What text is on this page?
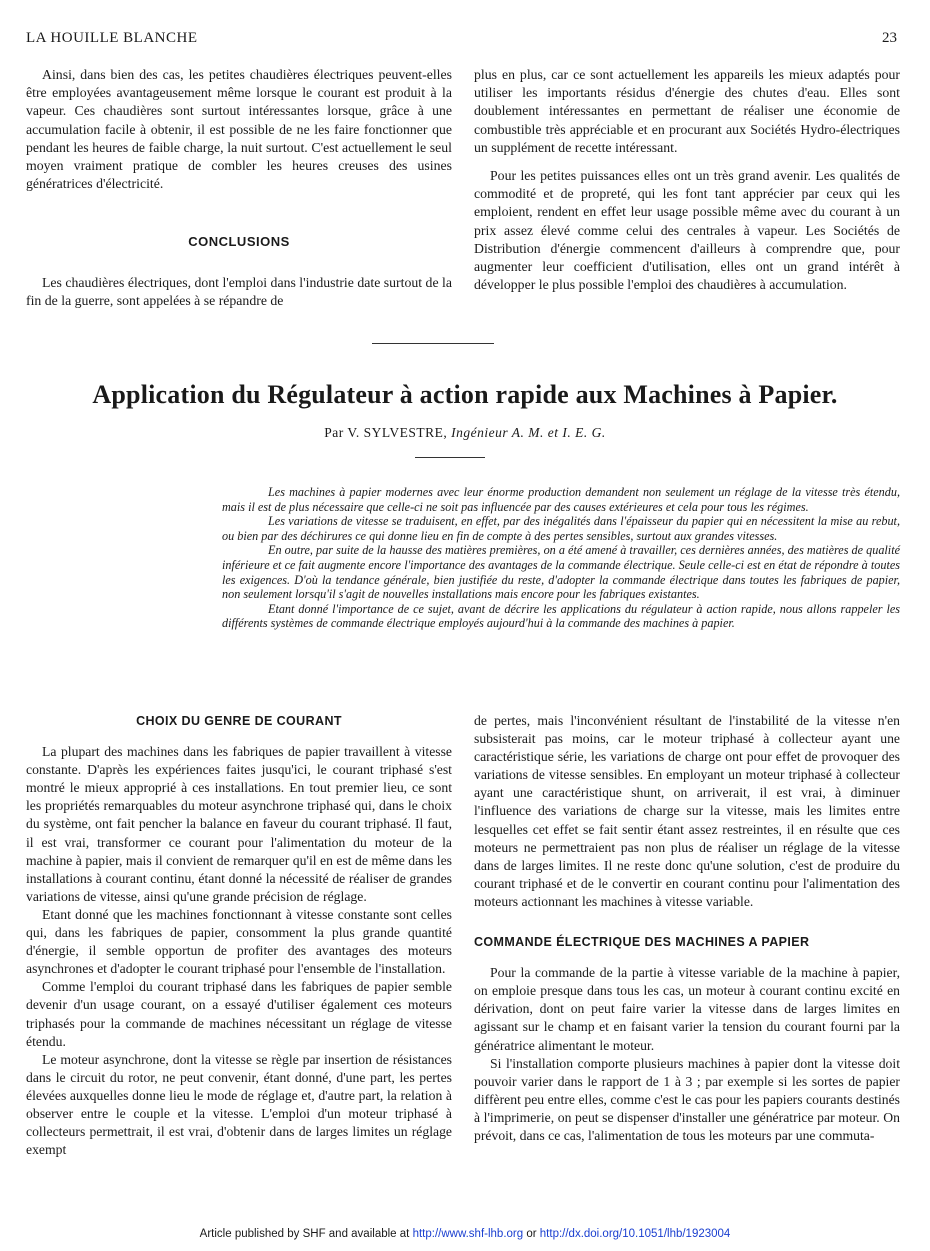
LA HOUILLE BLANCHE	23

Ainsi, dans bien des cas, les petites chaudières électriques peuvent-elles être employées avantageusement même lorsque le courant est produit à la vapeur. Ces chaudières sont surtout intéressantes lorsque, grâce à une accumulation facile à obtenir, il est possible de ne les faire fonctionner que pendant les heures de faible charge, la nuit surtout. C'est actuellement le seul moyen vraiment pratique de combler les heures creuses des usines génératrices d'électricité.

CONCLUSIONS

Les chaudières électriques, dont l'emploi dans l'industrie date surtout de la fin de la guerre, sont appelées à se répandre de

plus en plus, car ce sont actuellement les appareils les mieux adaptés pour utiliser les importants résidus d'énergie des chutes d'eau. Elles sont doublement intéressantes en permettant de réaliser une économie de combustible très appréciable et en procurant aux Sociétés Hydro-électriques un supplément de recette intéressant.

Pour les petites puissances elles ont un très grand avenir. Les qualités de commodité et de propreté, qui les font tant apprécier par ceux qui les emploient, rendent en effet leur usage possible même avec du courant à un prix assez élevé comme celui des centrales à vapeur. Les Sociétés de Distribution d'énergie commencent d'ailleurs à comprendre que, pour augmenter leur coefficient d'utilisation, elles ont un grand intérêt à développer le plus possible l'emploi des chaudières à accumulation.

Application du Régulateur à action rapide aux Machines à Papier.
Par V. SYLVESTRE, Ingénieur A. M. et I. E. G.

Les machines à papier modernes avec leur énorme production demandent non seulement un réglage de la vitesse très étendu, mais il est de plus nécessaire que celle-ci ne soit pas influencée par des causes extérieures et cela pour tous les régimes.

Les variations de vitesse se traduisent, en effet, par des inégalités dans l'épaisseur du papier qui en nécessitent la mise au rebut, ou bien par des déchirures ce qui donne lieu en fin de compte à des pertes sensibles, surtout aux grandes vitesses.

En outre, par suite de la hausse des matières premières, on a été amené à travailler, ces dernières années, des matières de qualité inférieure et ce fait augmente encore l'importance des avantages de la commande électrique. Seule celle-ci est en état de répondre à toutes les exigences. D'où la tendance générale, bien justifiée du reste, d'adopter la commande électrique dans toutes les fabriques de papier, non seulement lorsqu'il s'agit de nouvelles installations mais encore pour les fabriques existantes.

Etant donné l'importance de ce sujet, avant de décrire les applications du régulateur à action rapide, nous allons rappeler les différents systèmes de commande électrique employés aujourd'hui à la commande des machines à papier.

CHOIX DU GENRE DE COURANT

La plupart des machines dans les fabriques de papier travaillent à vitesse constante. D'après les expériences faites jusqu'ici, le courant triphasé s'est montré le mieux approprié à ces installations. En tout premier lieu, ce sont les propriétés remarquables du moteur asynchrone triphasé qui, dans le choix du système, ont fait pencher la balance en faveur du courant triphasé. Il faut, il est vrai, transformer ce courant pour l'alimentation du moteur de la machine à papier, mais il convient de remarquer qu'il en est de même dans les installations à courant continu, étant donné la nécessité de réaliser de grandes variations de vitesse, ainsi qu'une grande précision de réglage.

Etant donné que les machines fonctionnant à vitesse constante sont celles qui, dans les fabriques de papier, consomment la plus grande quantité d'énergie, il semble opportun de profiter des avantages des moteurs asynchrones et d'adopter le courant triphasé pour l'ensemble de l'installation.

Comme l'emploi du courant triphasé dans les fabriques de papier semble devenir d'un usage courant, on a essayé d'utiliser également ces moteurs triphasés pour la commande de machines nécessitant un réglage de vitesse étendu.

Le moteur asynchrone, dont la vitesse se règle par insertion de résistances dans le circuit du rotor, ne peut convenir, étant donné, d'une part, les pertes élevées auxquelles donne lieu le mode de réglage et, d'autre part, la relation à observer entre le couple et la vitesse. L'emploi d'un moteur triphasé à collecteurs permettrait, il est vrai, d'obtenir dans de larges limites un réglage exempt

de pertes, mais l'inconvénient résultant de l'instabilité de la vitesse n'en subsisterait pas moins, car le moteur triphasé à collecteur ayant une caractéristique série, les variations de charge ont pour effet de provoquer des variations de vitesse sensibles. En employant un moteur triphasé à collecteur ayant une caractéristique shunt, on arriverait, il est vrai, à diminuer l'influence des variations de charge sur la vitesse, mais les limites entre lesquelles cet effet se fait sentir étant assez restreintes, il en résulte que ces moteurs ne permettraient pas non plus de réaliser un réglage de la vitesse dans de larges limites. Il ne reste donc qu'une solution, c'est de produire du courant triphasé et de le convertir en courant continu pour l'alimentation des moteurs actionnant les machines à vitesse variable.

COMMANDE ÉLECTRIQUE DES MACHINES A PAPIER

Pour la commande de la partie à vitesse variable de la machine à papier, on emploie presque dans tous les cas, un moteur à courant continu excité en dérivation, dont on peut faire varier la vitesse dans de larges limites en agissant sur le champ et en faisant varier la tension du courant fourni par la génératrice alimentant le moteur.

Si l'installation comporte plusieurs machines à papier dont la vitesse doit pouvoir varier dans le rapport de 1 à 3 ; par exemple si les sortes de papier diffèrent peu entre elles, comme c'est le cas pour les papiers courants destinés à l'imprimerie, on peut se dispenser d'installer une génératrice par moteur. On prévoit, dans ce cas, l'alimentation de tous les moteurs par une commuta-

Article published by SHF and available at http://www.shf-lhb.org or http://dx.doi.org/10.1051/lhb/1923004
